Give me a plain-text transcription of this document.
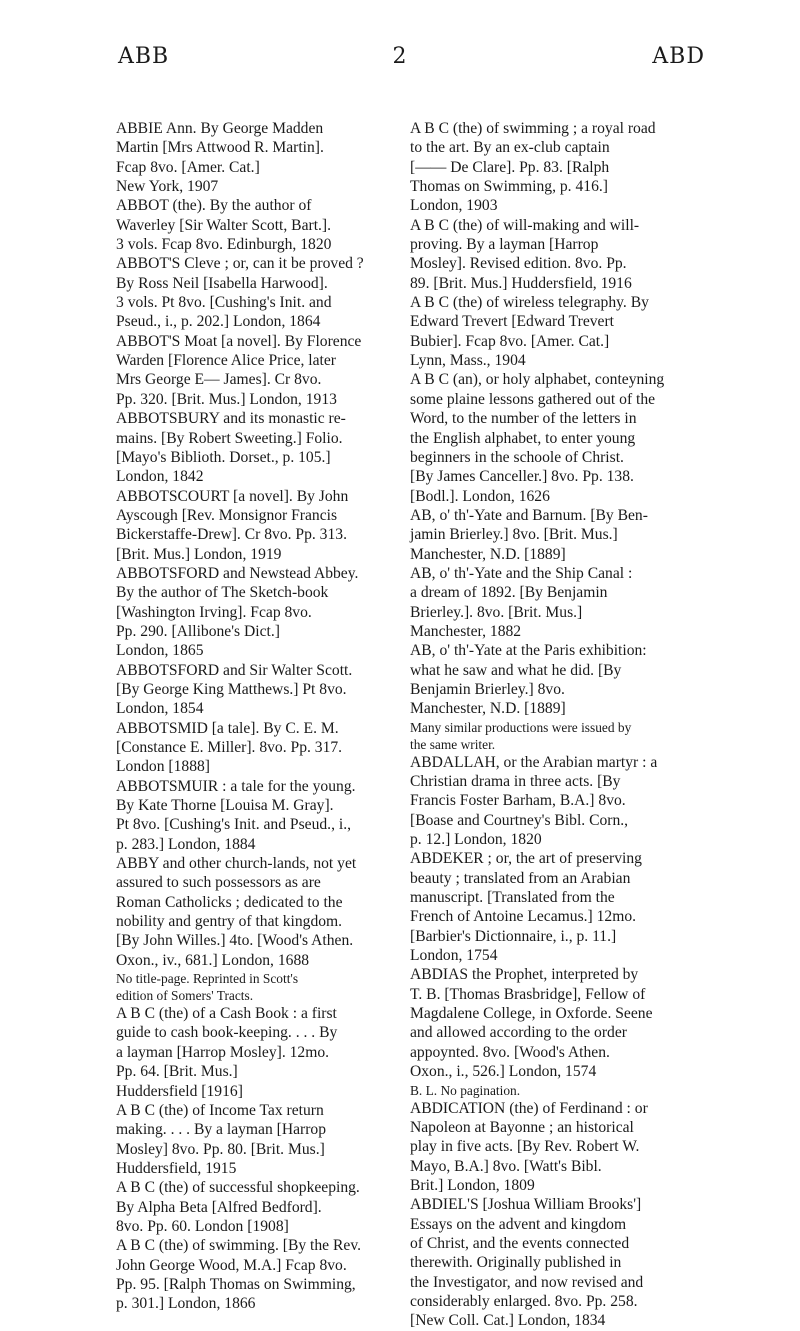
ABB	2	ABD
ABBIE Ann. By George Madden
Martin [Mrs Attwood R. Martin].
Fcap 8vo. [Amer. Cat.]
New York, 1907
ABBOT (the). By the author of
Waverley [Sir Walter Scott, Bart.].
3 vols. Fcap 8vo. Edinburgh, 1820
ABBOT'S Cleve ; or, can it be proved ?
By Ross Neil [Isabella Harwood].
3 vols. Pt 8vo. [Cushing's Init. and
Pseud., i., p. 202.] London, 1864
ABBOT'S Moat [a novel]. By Florence
Warden [Florence Alice Price, later
Mrs George E— James]. Cr 8vo.
Pp. 320. [Brit. Mus.] London, 1913
ABBOTSBURY and its monastic re-
mains. [By Robert Sweeting.] Folio.
[Mayo's Biblioth. Dorset., p. 105.]
London, 1842
ABBOTSCOURT [a novel]. By John
Ayscough [Rev. Monsignor Francis
Bickerstaffe-Drew]. Cr 8vo. Pp. 313.
[Brit. Mus.] London, 1919
ABBOTSFORD and Newstead Abbey.
By the author of The Sketch-book
[Washington Irving]. Fcap 8vo.
Pp. 290. [Allibone's Dict.]
London, 1865
ABBOTSFORD and Sir Walter Scott.
[By George King Matthews.] Pt 8vo.
London, 1854
ABBOTSMID [a tale]. By C. E. M.
[Constance E. Miller]. 8vo. Pp. 317.
London [1888]
ABBOTSMUIR : a tale for the young.
By Kate Thorne [Louisa M. Gray].
Pt 8vo. [Cushing's Init. and Pseud., i.,
p. 283.] London, 1884
ABBY and other church-lands, not yet
assured to such possessors as are
Roman Catholicks ; dedicated to the
nobility and gentry of that kingdom.
[By John Willes.] 4to. [Wood's Athen.
Oxon., iv., 681.] London, 1688
No title-page. Reprinted in Scott's
edition of Somers' Tracts.
A B C (the) of a Cash Book : a first
guide to cash book-keeping. . . . By
a layman [Harrop Mosley]. 12mo.
Pp. 64. [Brit. Mus.]
Huddersfield [1916]
A B C (the) of Income Tax return
making. . . . By a layman [Harrop
Mosley] 8vo. Pp. 80. [Brit. Mus.]
Huddersfield, 1915
A B C (the) of successful shopkeeping.
By Alpha Beta [Alfred Bedford].
8vo. Pp. 60. London [1908]
A B C (the) of swimming. [By the Rev.
John George Wood, M.A.] Fcap 8vo.
Pp. 95. [Ralph Thomas on Swimming,
p. 301.] London, 1866
A B C (the) of swimming ; a royal road
to the art. By an ex-club captain
[—— De Clare]. Pp. 83. [Ralph
Thomas on Swimming, p. 416.]
London, 1903
A B C (the) of will-making and will-
proving. By a layman [Harrop
Mosley]. Revised edition. 8vo. Pp.
89. [Brit. Mus.] Huddersfield, 1916
A B C (the) of wireless telegraphy. By
Edward Trevert [Edward Trevert
Bubier]. Fcap 8vo. [Amer. Cat.]
Lynn, Mass., 1904
A B C (an), or holy alphabet, conteyning
some plaine lessons gathered out of the
Word, to the number of the letters in
the English alphabet, to enter young
beginners in the schoole of Christ.
[By James Canceller.] 8vo. Pp. 138.
[Bodl.]. London, 1626
AB, o' th'-Yate and Barnum. [By Ben-
jamin Brierley.] 8vo. [Brit. Mus.]
Manchester, N.D. [1889]
AB, o' th'-Yate and the Ship Canal :
a dream of 1892. [By Benjamin
Brierley.]. 8vo. [Brit. Mus.]
Manchester, 1882
AB, o' th'-Yate at the Paris exhibition:
what he saw and what he did. [By
Benjamin Brierley.] 8vo.
Manchester, N.D. [1889]
Many similar productions were issued by
the same writer.
ABDALLAH, or the Arabian martyr : a
Christian drama in three acts. [By
Francis Foster Barham, B.A.] 8vo.
[Boase and Courtney's Bibl. Corn.,
p. 12.] London, 1820
ABDEKER ; or, the art of preserving
beauty ; translated from an Arabian
manuscript. [Translated from the
French of Antoine Lecamus.] 12mo.
[Barbier's Dictionnaire, i., p. 11.]
London, 1754
ABDIAS the Prophet, interpreted by
T. B. [Thomas Brasbridge], Fellow of
Magdalene College, in Oxforde. Seene
and allowed according to the order
appoynted. 8vo. [Wood's Athen.
Oxon., i., 526.] London, 1574
B. L. No pagination.
ABDICATION (the) of Ferdinand : or
Napoleon at Bayonne ; an historical
play in five acts. [By Rev. Robert W.
Mayo, B.A.] 8vo. [Watt's Bibl.
Brit.] London, 1809
ABDIEL'S [Joshua William Brooks']
Essays on the advent and kingdom
of Christ, and the events connected
therewith. Originally published in
the Investigator, and now revised and
considerably enlarged. 8vo. Pp. 258.
[New Coll. Cat.] London, 1834
